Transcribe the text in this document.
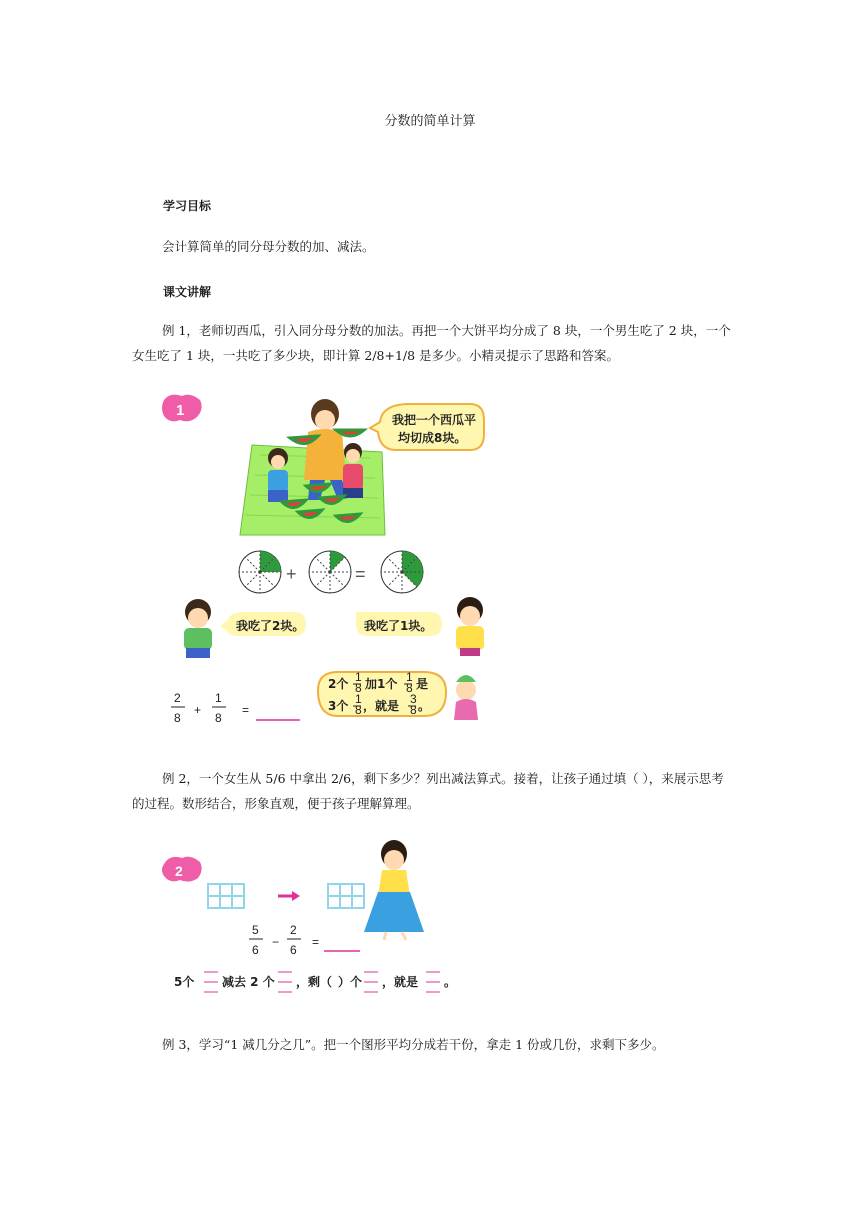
分数的简单计算
学习目标
会计算简单的同分母分数的加、减法。
课文讲解
例 1，老师切西瓜，引入同分母分数的加法。再把一个大饼平均分成了 8 块，一个男生吃了 2 块，一个女生吃了 1 块，一共吃了多少块，即计算 2/8+1/8 是多少。小精灵提示了思路和答案。
1
我把一个西瓜平
均切成8块。
+	=
我吃了2块。	我吃了1块。
2
8
+
1
8
=
2个 1
8 加1个 1
8 是
3个 1
8 ，就是 3
8 。
例 2，一个女生从 5/6 中拿出 2/6，剩下多少？列出减法算式。接着，让孩子通过填（ ），来展示思考的过程。数形结合，形象直观，便于孩子理解算理。
2
5
6
−
2
6
=
5个 减去 2 个 ，剩（ ）个 ，就是 。
例 3，学习“1 减几分之几”。把一个图形平均分成若干份，拿走 1 份或几份，求剩下多少。
